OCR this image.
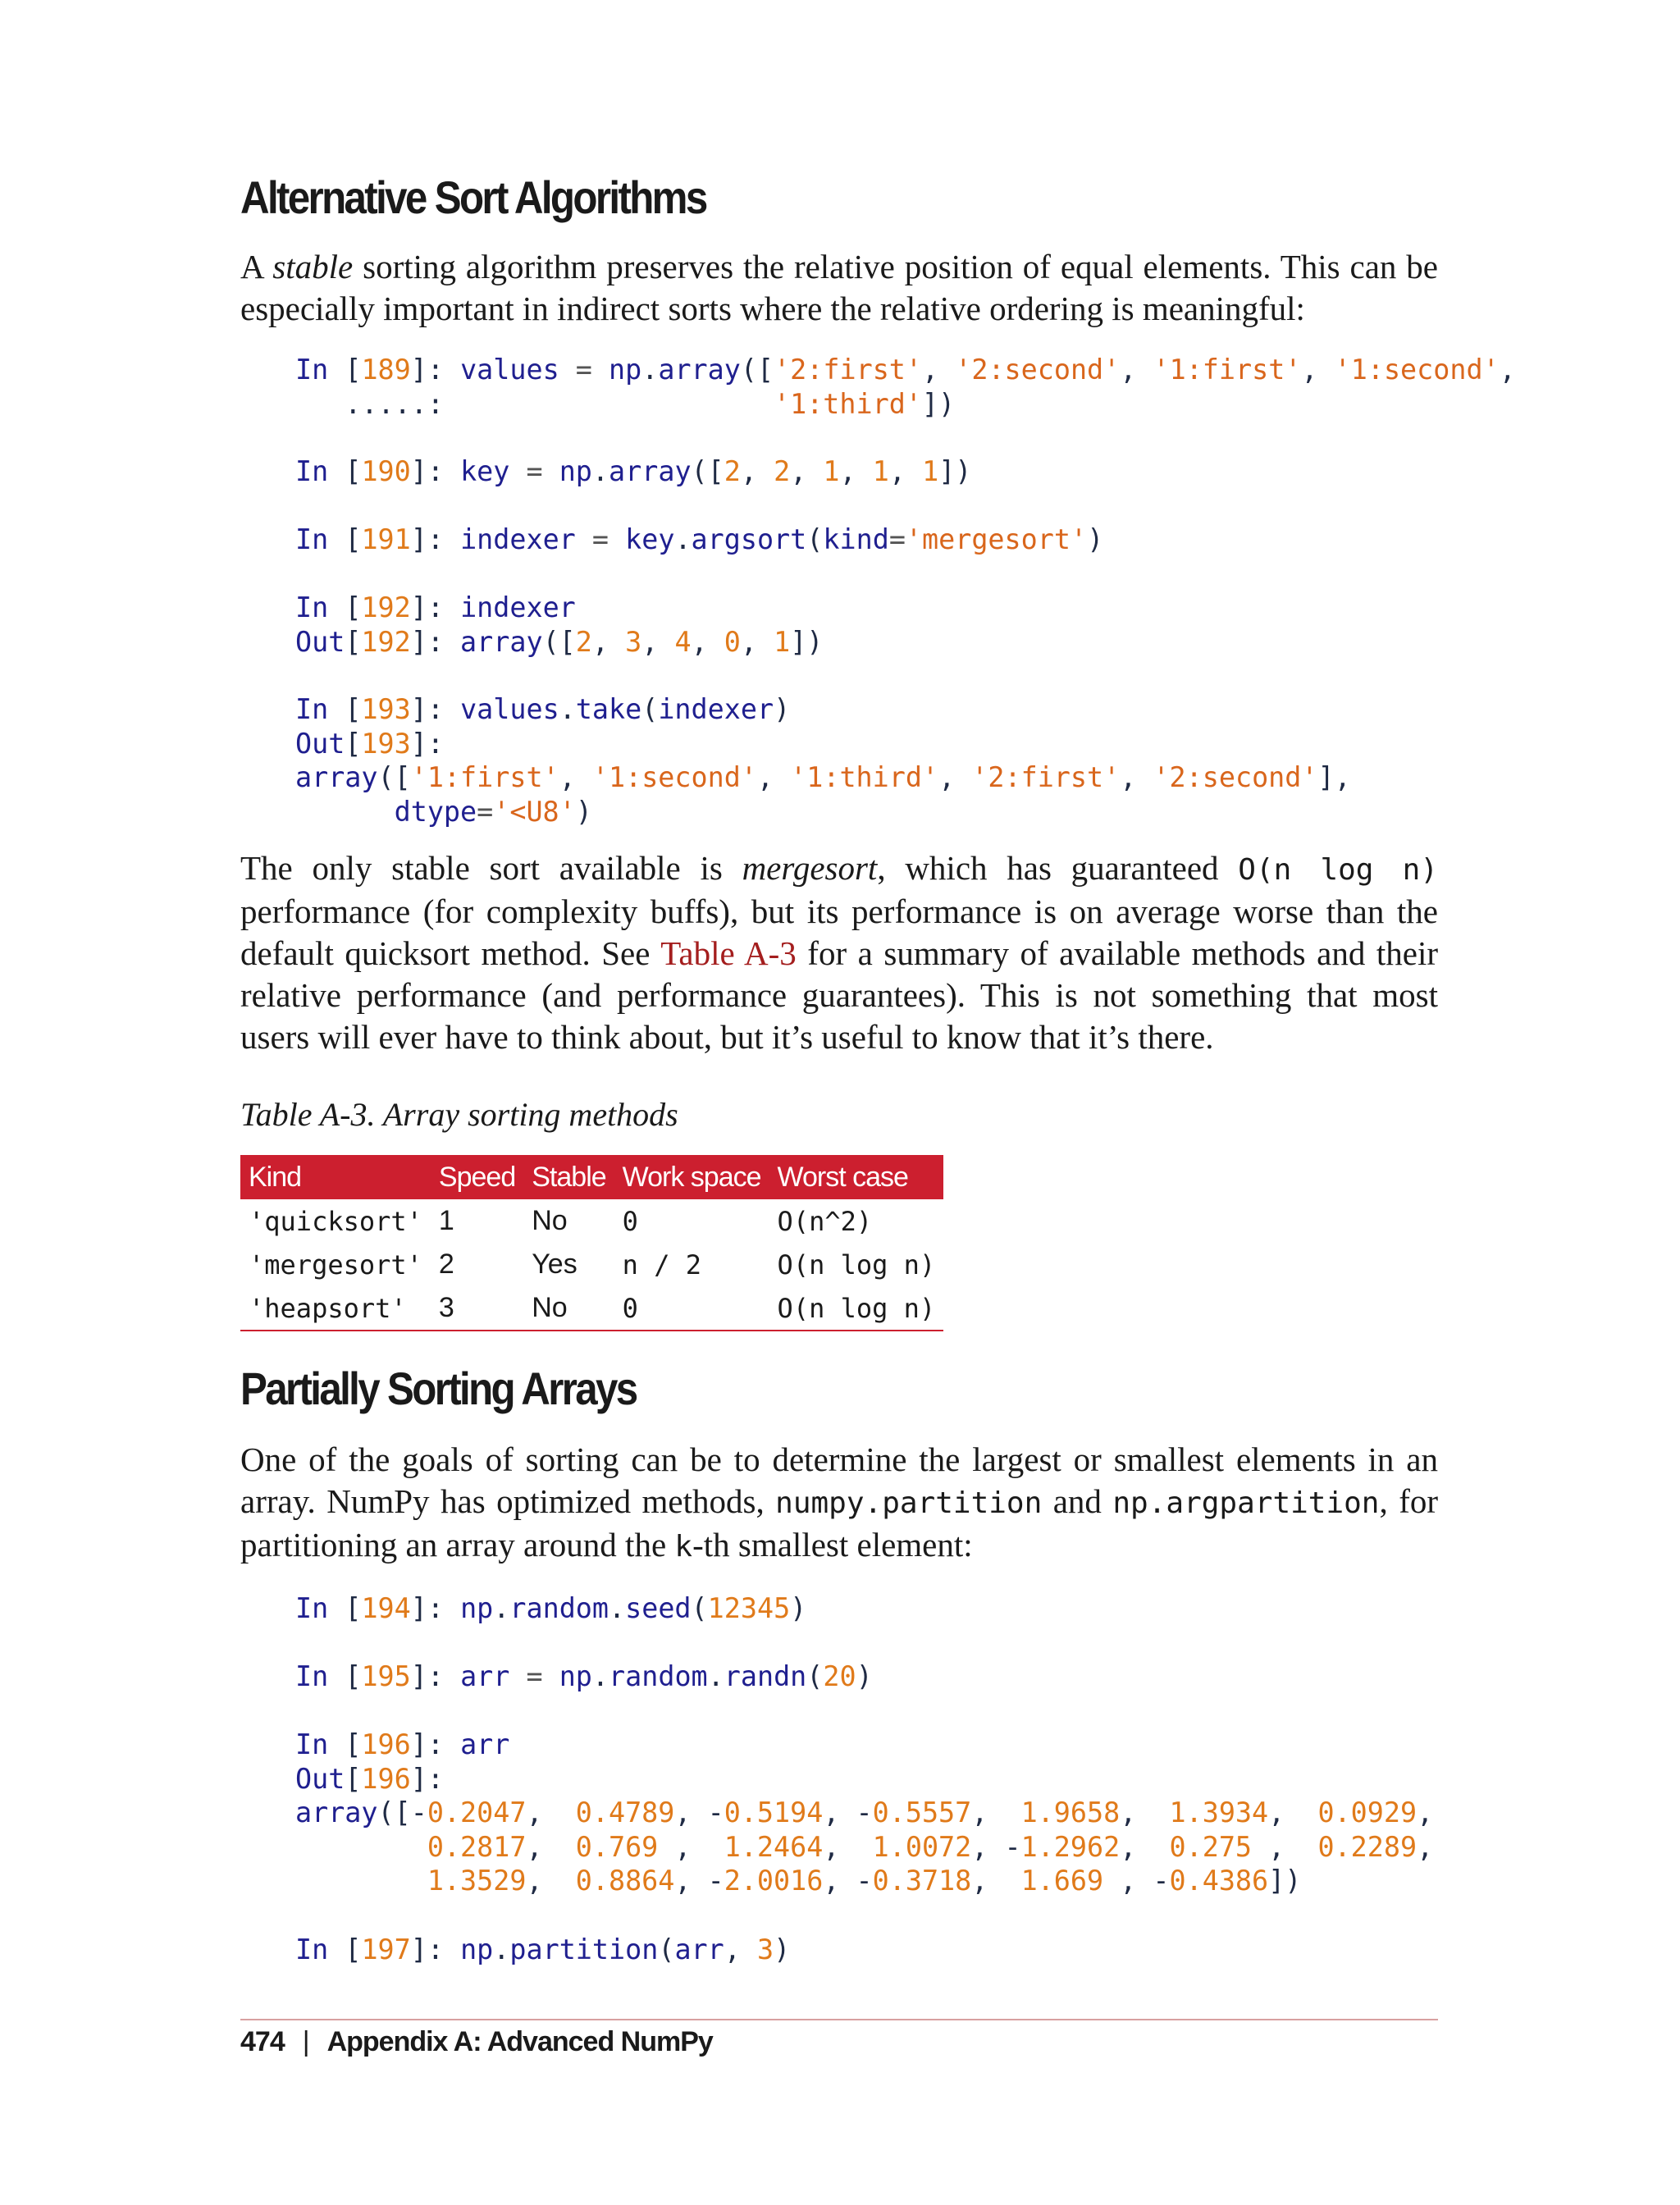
Alternative Sort Algorithms

A stable sorting algorithm preserves the relative position of equal elements. This can be especially important in indirect sorts where the relative ordering is meaningful:

In [189]: values = np.array(['2:first', '2:second', '1:first', '1:second',
.....:	'1:third'])
In [190]: key = np.array([2, 2, 1, 1, 1])
In [191]: indexer = key.argsort(kind='mergesort')
In [192]: indexer
Out[192]: array([2, 3, 4, 0, 1])
In [193]: values.take(indexer)
Out[193]:
array(['1:first', '1:second', '1:third', '2:first', '2:second'],
dtype='<U8')

The only stable sort available is mergesort, which has guaranteed O(n log n) performance (for complexity buffs), but its performance is on average worse than the default quicksort method. See Table A-3 for a summary of available methods and their relative performance (and performance guarantees). This is not something that most users will ever have to think about, but it’s useful to know that it’s there.

Table A-3. Array sorting methods

Kind	Speed	Stable	Work space	Worst case
'quicksort'	1	No	0	O(n^2)
'mergesort'	2	Yes	n / 2	O(n log n)
'heapsort'	3	No	0	O(n log n)
Partially Sorting Arrays

One of the goals of sorting can be to determine the largest or smallest elements in an array. NumPy has optimized methods, numpy.partition and np.argpartition, for partitioning an array around the k-th smallest element:

In [194]: np.random.seed(12345)
In [195]: arr = np.random.randn(20)
In [196]: arr
Out[196]:
array([-0.2047,  0.4789, -0.5194, -0.5557,  1.9658,  1.3934,  0.0929,
0.2817,  0.769 ,  1.2464,  1.0072, -1.2962,  0.275 ,  0.2289,
1.3529,  0.8864, -2.0016, -0.3718,  1.669 , -0.4386])
In [197]: np.partition(arr, 3)
474 | Appendix A: Advanced NumPy
